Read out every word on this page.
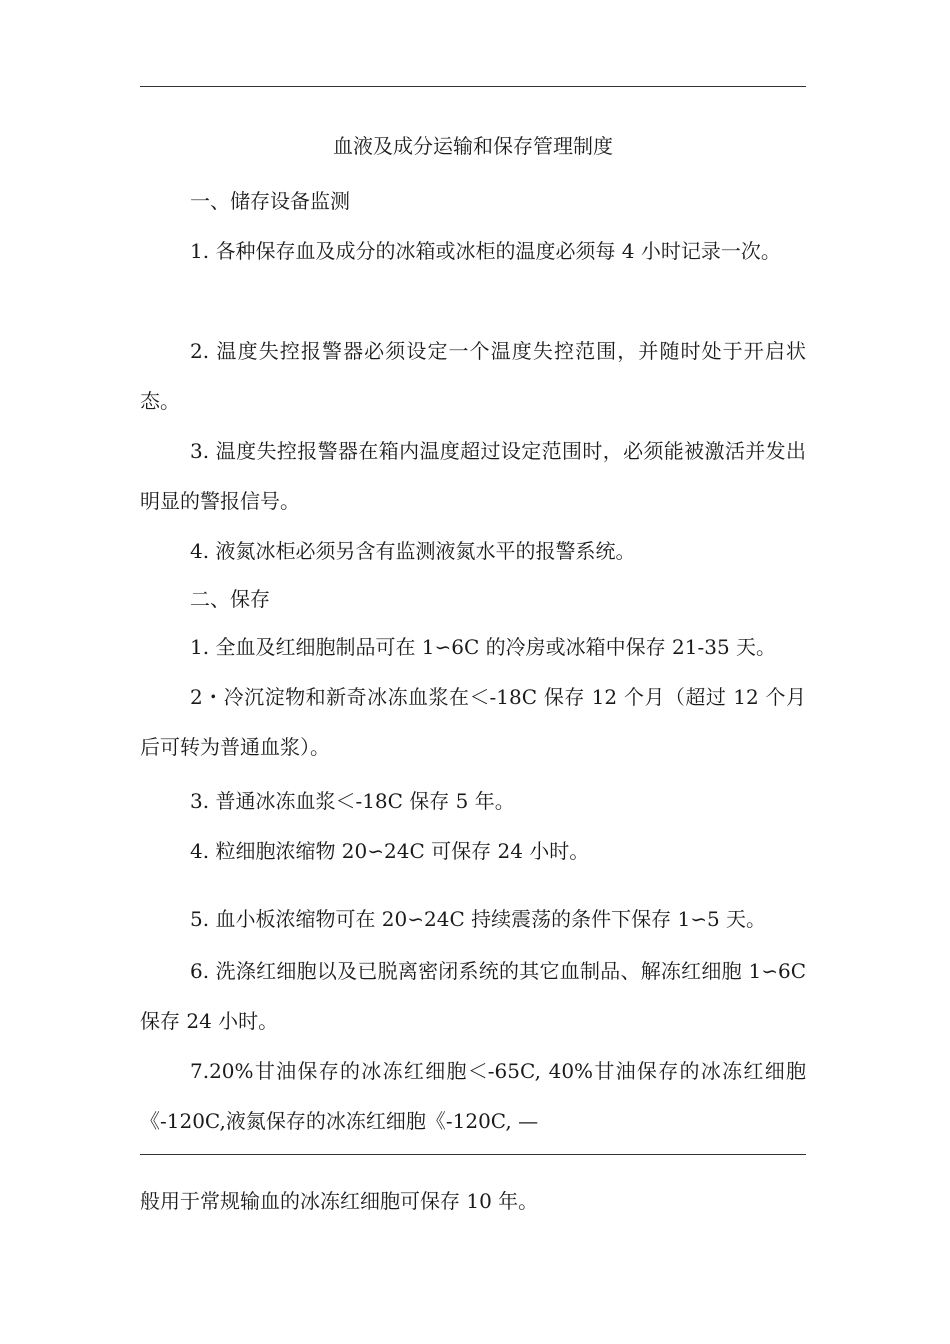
血液及成分运输和保存管理制度

一、储存设备监测

1. 各种保存血及成分的冰箱或冰柜的温度必须每 4 小时记录一次。

2. 温度失控报警器必须设定一个温度失控范围，并随时处于开启状态。

3. 温度失控报警器在箱内温度超过设定范围时，必须能被激活并发出明显的警报信号。

4. 液氮冰柜必须另含有监测液氮水平的报警系统。

二、保存

1. 全血及红细胞制品可在 1∽6C 的冷房或冰箱中保存 21-35 天。

2・冷沉淀物和新奇冰冻血浆在＜-18C 保存 12 个月（超过 12 个月后可转为普通血浆）。

3. 普通冰冻血浆＜-18C 保存 5 年。

4. 粒细胞浓缩物 20∽24C 可保存 24 小时。

5. 血小板浓缩物可在 20∽24C 持续震荡的条件下保存 1∽5 天。

6. 洗涤红细胞以及已脱离密闭系统的其它血制品、解冻红细胞 1∽6C 保存 24 小时。

7.20%甘油保存的冰冻红细胞＜-65C, 40%甘油保存的冰冻红细胞《-120C,液氮保存的冰冻红细胞《-120C, —

般用于常规输血的冰冻红细胞可保存 10 年。
